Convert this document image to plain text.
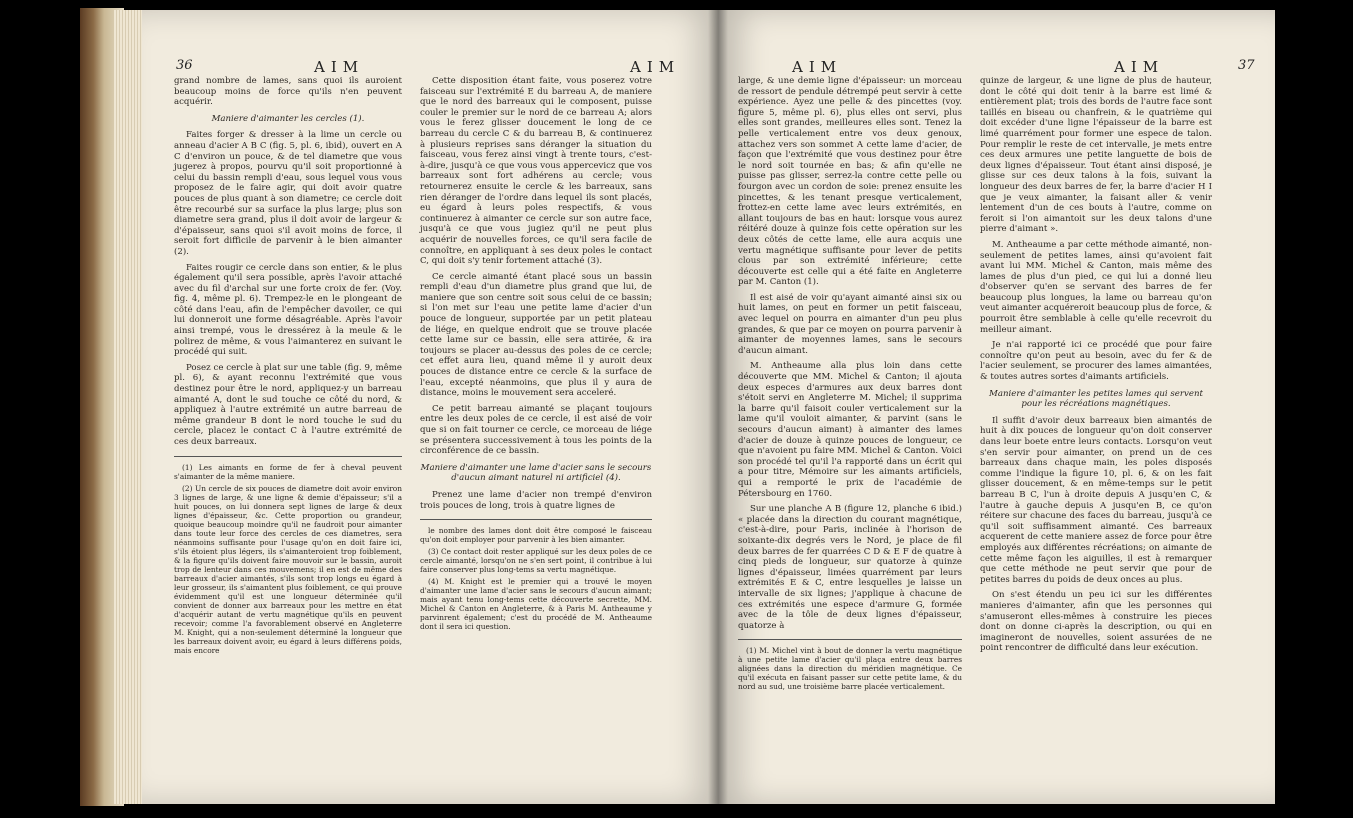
36	AIM	AIM

grand nombre de lames, sans quoi ils auroient beaucoup moins de force qu'ils n'en peuvent acquérir.

Maniere d'aimanter les cercles (1).

Faites forger & dresser à la lime un cercle ou anneau d'acier A B C (fig. 5, pl. 6, ibid), ouvert en A C d'environ un pouce, & de tel diametre que vous jugerez à propos, pourvu qu'il soit proportionné à celui du bassin rempli d'eau, sous lequel vous vous proposez de le faire agir, qui doit avoir quatre pouces de plus quant à son diametre; ce cercle doit être recourbé sur sa surface la plus large; plus son diametre sera grand, plus il doit avoir de largeur & d'épaisseur, sans quoi s'il avoit moins de force, il seroit fort difficile de parvenir à le bien aimanter (2).

Faites rougir ce cercle dans son entier, & le plus également qu'il sera possible, après l'avoir attaché avec du fil d'archal sur une forte croix de fer. (Voy. fig. 4, même pl. 6). Trempez-le en le plongeant de côté dans l'eau, afin de l'empêcher davoiler, ce qui lui donneroit une forme désagréable. Après l'avoir ainsi trempé, vous le dressérez à la meule & le polirez de même, & vous l'aimanterez en suivant le procédé qui suit.

Posez ce cercle à plat sur une table (fig. 9, même pl. 6), & ayant reconnu l'extrémité que vous destinez pour être le nord, appliquez-y un barreau aimanté A, dont le sud touche ce côté du nord, & appliquez à l'autre extrémité un autre barreau de même grandeur B dont le nord touche le sud du cercle, placez le contact C à l'autre extrémité de ces deux barreaux.

(1) Les aimants en forme de fer à cheval peuvent s'aimanter de la même maniere.

(2) Un cercle de six pouces de diametre doit avoir environ 3 lignes de large, & une ligne & demie d'épaisseur; s'il a huit pouces, on lui donnera sept lignes de large & deux lignes d'épaisseur, &c. Cette proportion ou grandeur, quoique beaucoup moindre qu'il ne faudroit pour aimanter dans toute leur force des cercles de ces diametres, sera néanmoins suffisante pour l'usage qu'on en doit faire ici, s'ils étoient plus légers, ils s'aimanteroient trop foiblement, & la figure qu'ils doivent faire mouvoir sur le bassin, auroit trop de lenteur dans ces mouvemens; il en est de même des barreaux d'acier aimantés, s'ils sont trop longs eu égard à leur grosseur, ils s'aimantent plus foiblement, ce qui prouve évidemment qu'il est une longueur déterminée qu'il convient de donner aux barreaux pour les mettre en état d'acquérir autant de vertu magnétique qu'ils en peuvent recevoir; comme l'a favorablement observé en Angleterre M. Knight, qui a non-seulement déterminé la longueur que les barreaux doivent avoir, eu égard à leurs différens poids, mais encore

Cette disposition étant faite, vous poserez votre faisceau sur l'extrémité E du barreau A, de maniere que le nord des barreaux qui le composent, puisse couler le premier sur le nord de ce barreau A; alors vous le ferez glisser doucement le long de ce barreau du cercle C & du barreau B, & continuerez à plusieurs reprises sans déranger la situation du faisceau, vous ferez ainsi vingt à trente tours, c'est-à-dire, jusqu'à ce que vous vous appercevicz que vos barreaux sont fort adhérens au cercle; vous retournerez ensuite le cercle & les barreaux, sans rien déranger de l'ordre dans lequel ils sont placés, eu égard à leurs poles respectifs, & vous continuerez à aimanter ce cercle sur son autre face, jusqu'à ce que vous jugiez qu'il ne peut plus acquérir de nouvelles forces, ce qu'il sera facile de connoître, en appliquant à ses deux poles le contact C, qui doit s'y tenir fortement attaché (3).

Ce cercle aimanté étant placé sous un bassin rempli d'eau d'un diametre plus grand que lui, de maniere que son centre soit sous celui de ce bassin; si l'on met sur l'eau une petite lame d'acier d'un pouce de longueur, supportée par un petit plateau de liége, en quelque endroit que se trouve placée cette lame sur ce bassin, elle sera attirée, & ira toujours se placer au-dessus des poles de ce cercle; cet effet aura lieu, quand même il y auroit deux pouces de distance entre ce cercle & la surface de l'eau, excepté néanmoins, que plus il y aura de distance, moins le mouvement sera acceleré.

Ce petit barreau aimanté se plaçant toujours entre les deux poles de ce cercle, il est aisé de voir que si on fait tourner ce cercle, ce morceau de liége se présentera successivement à tous les points de la circonférence de ce bassin.

Maniere d'aimanter une lame d'acier sans le secours d'aucun aimant naturel ni artificiel (4).

Prenez une lame d'acier non trempé d'environ trois pouces de long, trois à quatre lignes de

le nombre des lames dont doit être composé le faisceau qu'on doit employer pour parvenir à les bien aimanter.

(3) Ce contact doit rester appliqué sur les deux poles de ce cercle aimanté, lorsqu'on ne s'en sert point, il contribue à lui faire conserver plus long-tems sa vertu magnétique.

(4) M. Knight est le premier qui a trouvé le moyen d'aimanter une lame d'acier sans le secours d'aucun aimant; mais ayant tenu long-tems cette découverte secrette, MM. Michel & Canton en Angleterre, & à Paris M. Antheaume y parvinrent également; c'est du procédé de M. Antheaume dont il sera ici question.

AIM	AIM	37

large, & une demie ligne d'épaisseur: un morceau de ressort de pendule détrempé peut servir à cette expérience. Ayez une pelle & des pincettes (voy. figure 5, même pl. 6), plus elles ont servi, plus elles sont grandes, meilleures elles sont. Tenez la pelle verticalement entre vos deux genoux, attachez vers son sommet A cette lame d'acier, de façon que l'extrémité que vous destinez pour être le nord soit tournée en bas; & afin qu'elle ne puisse pas glisser, serrez-la contre cette pelle ou fourgon avec un cordon de soie: prenez ensuite les pincettes, & les tenant presque verticalement, frottez-en cette lame avec leurs extrémités, en allant toujours de bas en haut: lorsque vous aurez réitéré douze à quinze fois cette opération sur les deux côtés de cette lame, elle aura acquis une vertu magnétique suffisante pour lever de petits clous par son extrémité inférieure; cette découverte est celle qui a été faite en Angleterre par M. Canton (1).

Il est aisé de voir qu'ayant aimanté ainsi six ou huit lames, on peut en former un petit faisceau, avec lequel on pourra en aimanter d'un peu plus grandes, & que par ce moyen on pourra parvenir à aimanter de moyennes lames, sans le secours d'aucun aimant.

M. Antheaume alla plus loin dans cette découverte que MM. Michel & Canton; il ajouta deux especes d'armures aux deux barres dont s'étoit servi en Angleterre M. Michel; il supprima la barre qu'il faisoit couler verticalement sur la lame qu'il vouloit aimanter, & parvint (sans le secours d'aucun aimant) à aimanter des lames d'acier de douze à quinze pouces de longueur, ce que n'avoient pu faire MM. Michel & Canton. Voici son procédé tel qu'il l'a rapporté dans un écrit qui a pour titre, Mémoire sur les aimants artificiels, qui a remporté le prix de l'académie de Pétersbourg en 1760.

Sur une planche A B (figure 12, planche 6 ibid.) « placée dans la direction du courant magnétique, c'est-à-dire, pour Paris, inclinée à l'horison de soixante-dix degrés vers le Nord, je place de fil deux barres de fer quarrées C D & E F de quatre à cinq pieds de longueur, sur quatorze à quinze lignes d'épaisseur, limées quarrément par leurs extrémités E & C, entre lesquelles je laisse un intervalle de six lignes; j'applique à chacune de ces extrémités une espece d'armure G, formée avec de la tôle de deux lignes d'épaisseur, quatorze à

(1) M. Michel vint à bout de donner la vertu magnétique à une petite lame d'acier qu'il plaça entre deux barres alignées dans la direction du méridien magnétique. Ce qu'il exécuta en faisant passer sur cette petite lame, & du nord au sud, une troisième barre placée verticalement.

quinze de largeur, & une ligne de plus de hauteur, dont le côté qui doit tenir à la barre est limé & entièrement plat; trois des bords de l'autre face sont taillés en biseau ou chanfrein, & le quatrième qui doit excéder d'une ligne l'épaisseur de la barre est limé quarrément pour former une espece de talon. Pour remplir le reste de cet intervalle, je mets entre ces deux armures une petite languette de bois de deux lignes d'épaisseur. Tout étant ainsi disposé, je glisse sur ces deux talons à la fois, suivant la longueur des deux barres de fer, la barre d'acier H I que je veux aimanter, la faisant aller & venir lentement d'un de ces bouts à l'autre, comme on feroit si l'on aimantoit sur les deux talons d'une pierre d'aimant ».

M. Antheaume a par cette méthode aimanté, non-seulement de petites lames, ainsi qu'avoient fait avant lui MM. Michel & Canton, mais même des lames de plus d'un pied, ce qui lui a donné lieu d'observer qu'en se servant des barres de fer beaucoup plus longues, la lame ou barreau qu'on veut aimanter acquéreroit beaucoup plus de force, & pourroit être semblable à celle qu'elle recevroit du meilleur aimant.

Je n'ai rapporté ici ce procédé que pour faire connoître qu'on peut au besoin, avec du fer & de l'acier seulement, se procurer des lames aimantées, & toutes autres sortes d'aimants artificiels.

Maniere d'aimanter les petites lames qui servent pour les récréations magnétiques.

Il suffit d'avoir deux barreaux bien aimantés de huit à dix pouces de longueur qu'on doit conserver dans leur boete entre leurs contacts. Lorsqu'on veut s'en servir pour aimanter, on prend un de ces barreaux dans chaque main, les poles disposés comme l'indique la figure 10, pl. 6, & on les fait glisser doucement, & en même-temps sur le petit barreau B C, l'un à droite depuis A jusqu'en C, & l'autre à gauche depuis A jusqu'en B, ce qu'on réitere sur chacune des faces du barreau, jusqu'à ce qu'il soit suffisamment aimanté. Ces barreaux acquerent de cette maniere assez de force pour être employés aux différentes récréations; on aimante de cette même façon les aiguilles, il est à remarquer que cette méthode ne peut servir que pour de petites barres du poids de deux onces au plus.

On s'est étendu un peu ici sur les différentes manieres d'aimanter, afin que les personnes qui s'amuseront elles-mêmes à construire les pieces dont on donne ci-après la description, ou qui en imagineront de nouvelles, soient assurées de ne point rencontrer de difficulté dans leur exécution.
